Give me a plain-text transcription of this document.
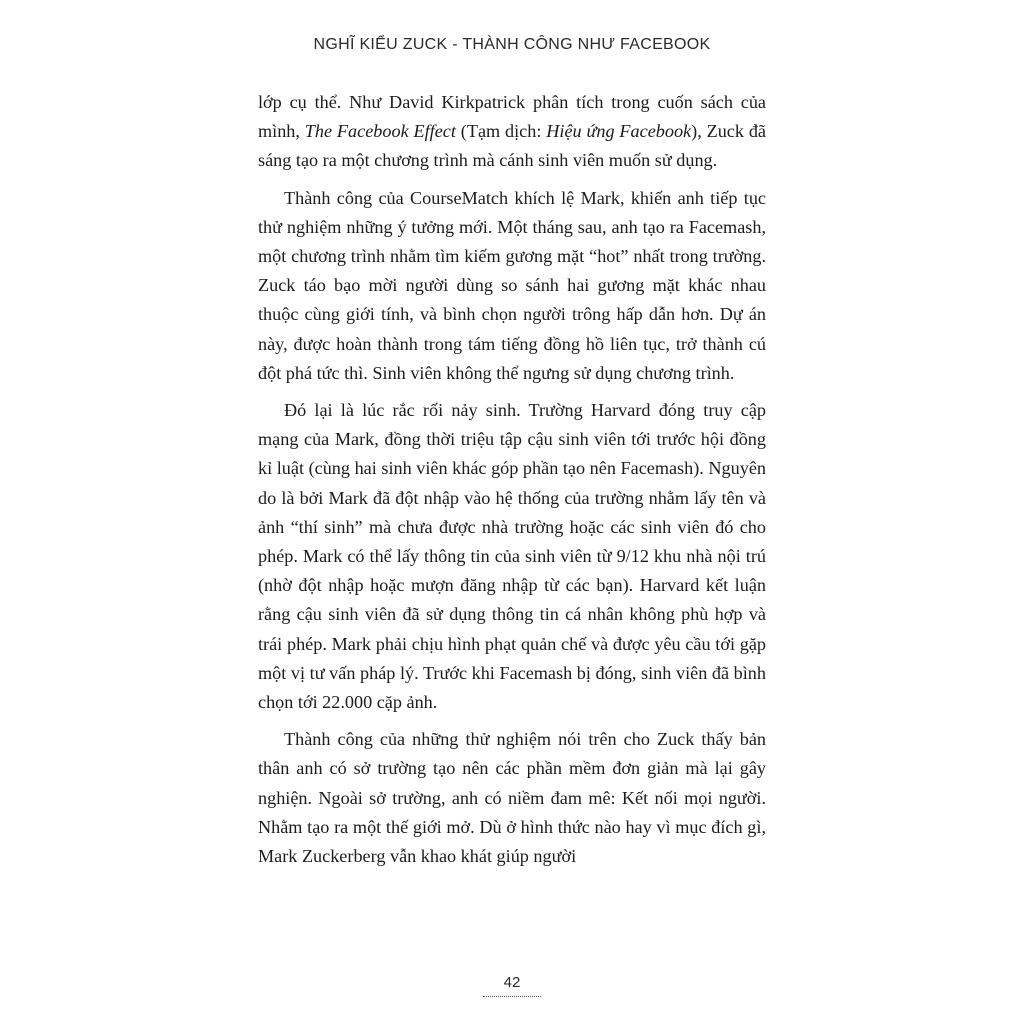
NGHĨ KIỂU ZUCK - THÀNH CÔNG NHƯ FACEBOOK

lớp cụ thể. Như David Kirkpatrick phân tích trong cuốn sách của mình, The Facebook Effect (Tạm dịch: Hiệu ứng Facebook), Zuck đã sáng tạo ra một chương trình mà cánh sinh viên muốn sử dụng.

Thành công của CourseMatch khích lệ Mark, khiến anh tiếp tục thử nghiệm những ý tưởng mới. Một tháng sau, anh tạo ra Facemash, một chương trình nhằm tìm kiếm gương mặt “hot” nhất trong trường. Zuck táo bạo mời người dùng so sánh hai gương mặt khác nhau thuộc cùng giới tính, và bình chọn người trông hấp dẫn hơn. Dự án này, được hoàn thành trong tám tiếng đồng hồ liên tục, trở thành cú đột phá tức thì. Sinh viên không thể ngưng sử dụng chương trình.

Đó lại là lúc rắc rối nảy sinh. Trường Harvard đóng truy cập mạng của Mark, đồng thời triệu tập cậu sinh viên tới trước hội đồng kỉ luật (cùng hai sinh viên khác góp phần tạo nên Facemash). Nguyên do là bởi Mark đã đột nhập vào hệ thống của trường nhằm lấy tên và ảnh “thí sinh” mà chưa được nhà trường hoặc các sinh viên đó cho phép. Mark có thể lấy thông tin của sinh viên từ 9/12 khu nhà nội trú (nhờ đột nhập hoặc mượn đăng nhập từ các bạn). Harvard kết luận rằng cậu sinh viên đã sử dụng thông tin cá nhân không phù hợp và trái phép. Mark phải chịu hình phạt quản chế và được yêu cầu tới gặp một vị tư vấn pháp lý. Trước khi Facemash bị đóng, sinh viên đã bình chọn tới 22.000 cặp ảnh.

Thành công của những thử nghiệm nói trên cho Zuck thấy bản thân anh có sở trường tạo nên các phần mềm đơn giản mà lại gây nghiện. Ngoài sở trường, anh có niềm đam mê: Kết nối mọi người. Nhằm tạo ra một thế giới mở. Dù ở hình thức nào hay vì mục đích gì, Mark Zuckerberg vẫn khao khát giúp người

42
